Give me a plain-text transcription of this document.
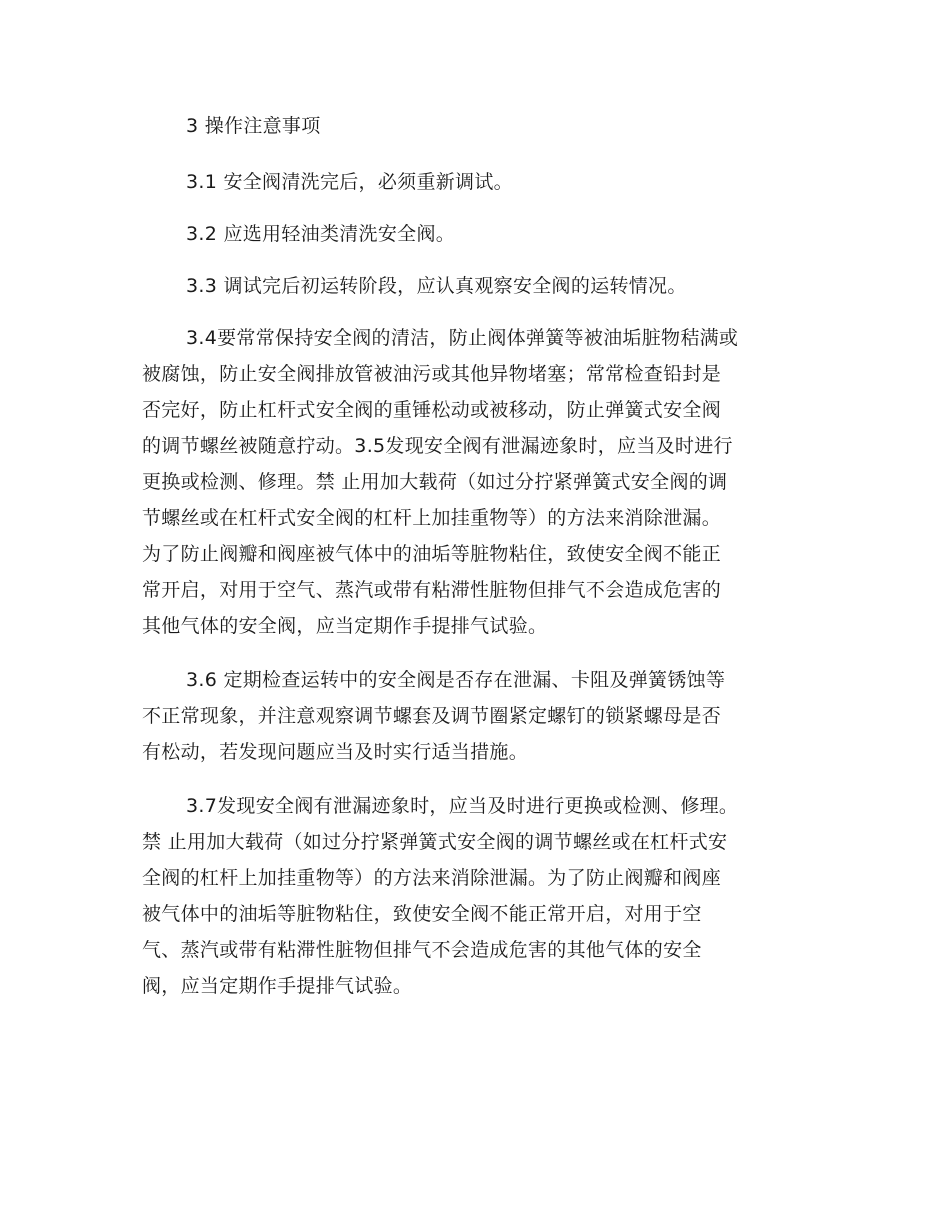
3 操作注意事项

3.1 安全阀清洗完后，必须重新调试。

3.2 应选用轻油类清洗安全阀。

3.3 调试完后初运转阶段，应认真观察安全阀的运转情况。

3.4要常常保持安全阀的清洁，防止阀体弹簧等被油垢脏物秸满或

被腐蚀，防止安全阀排放管被油污或其他异物堵塞；常常检查铅封是

否完好，防止杠杆式安全阀的重锤松动或被移动，防止弹簧式安全阀

的调节螺丝被随意拧动。3.5发现安全阀有泄漏迹象时，应当及时进行

更换或检测、修理。禁 止用加大载荷（如过分拧紧弹簧式安全阀的调

节螺丝或在杠杆式安全阀的杠杆上加挂重物等）的方法来消除泄漏。

为了防止阀瓣和阀座被气体中的油垢等脏物粘住，致使安全阀不能正

常开启，对用于空气、蒸汽或带有粘滞性脏物但排气不会造成危害的

其他气体的安全阀，应当定期作手提排气试验。

3.6 定期检查运转中的安全阀是否存在泄漏、卡阻及弹簧锈蚀等

不正常现象，并注意观察调节螺套及调节圈紧定螺钉的锁紧螺母是否

有松动，若发现问题应当及时实行适当措施。

3.7发现安全阀有泄漏迹象时，应当及时进行更换或检测、修理。

禁 止用加大载荷（如过分拧紧弹簧式安全阀的调节螺丝或在杠杆式安

全阀的杠杆上加挂重物等）的方法来消除泄漏。为了防止阀瓣和阀座

被气体中的油垢等脏物粘住，致使安全阀不能正常开启，对用于空

气、蒸汽或带有粘滞性脏物但排气不会造成危害的其他气体的安全

阀，应当定期作手提排气试验。
